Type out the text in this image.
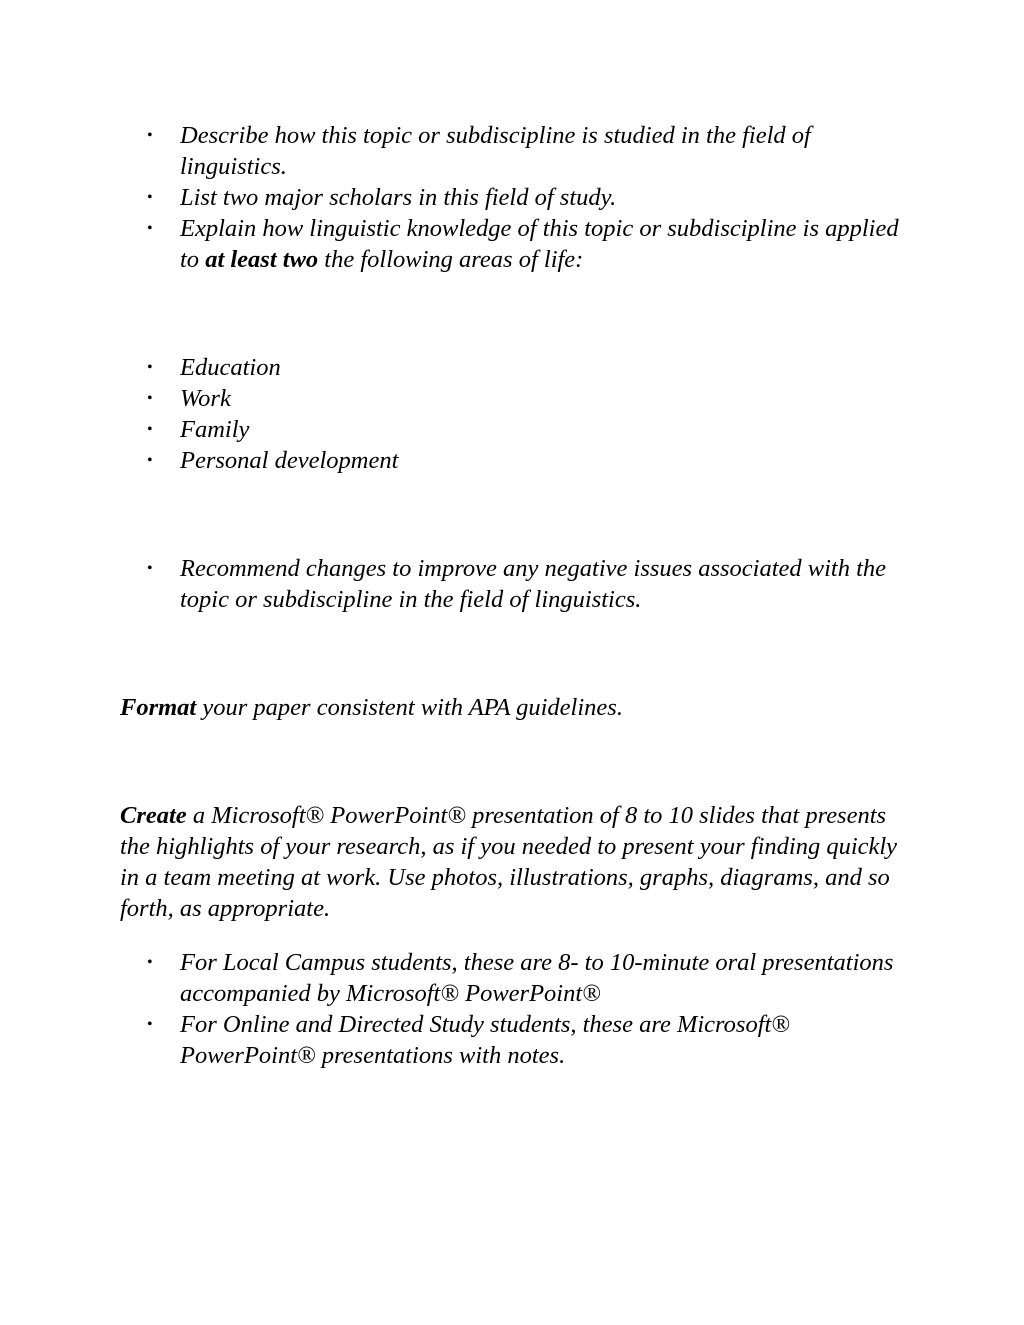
• Describe how this topic or subdiscipline is studied in the field of linguistics.
• List two major scholars in this field of study.
• Explain how linguistic knowledge of this topic or subdiscipline is applied to at least two the following areas of life:
• Education
• Work
• Family
• Personal development
• Recommend changes to improve any negative issues associated with the topic or subdiscipline in the field of linguistics.

Format your paper consistent with APA guidelines.

Create a Microsoft® PowerPoint® presentation of 8 to 10 slides that presents the highlights of your research, as if you needed to present your finding quickly in a team meeting at work. Use photos, illustrations, graphs, diagrams, and so forth, as appropriate.

• For Local Campus students, these are 8- to 10-minute oral presentations accompanied by Microsoft® PowerPoint®
• For Online and Directed Study students, these are Microsoft® PowerPoint® presentations with notes.
